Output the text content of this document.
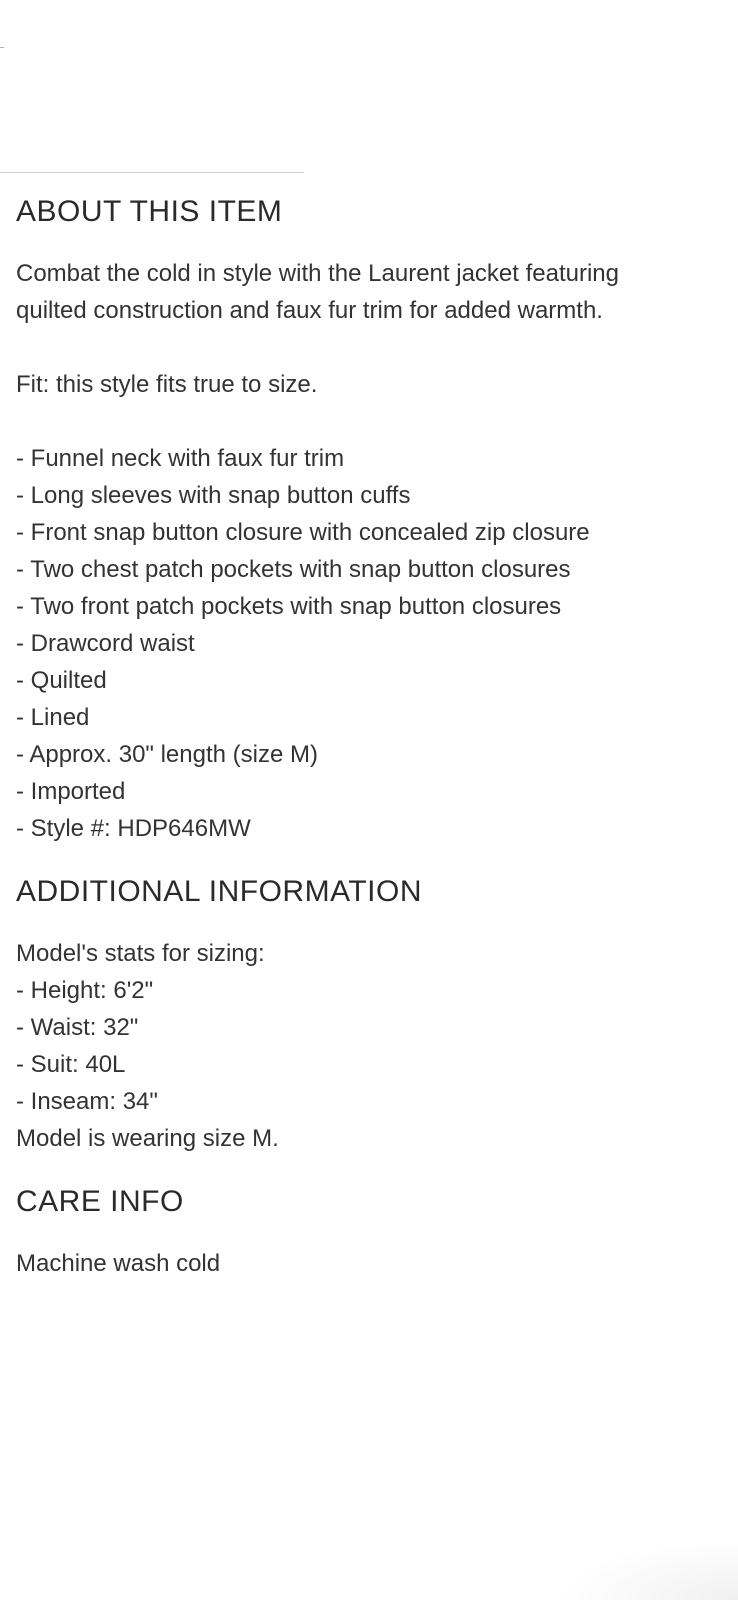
ABOUT THIS ITEM

Combat the cold in style with the Laurent jacket featuring
quilted construction and faux fur trim for added warmth.

Fit: this style fits true to size.

- Funnel neck with faux fur trim
- Long sleeves with snap button cuffs
- Front snap button closure with concealed zip closure
- Two chest patch pockets with snap button closures
- Two front patch pockets with snap button closures
- Drawcord waist
- Quilted
- Lined
- Approx. 30" length (size M)
- Imported
- Style #: HDP646MW
ADDITIONAL INFORMATION

Model's stats for sizing:

- Height: 6'2"
- Waist: 32"
- Suit: 40L
- Inseam: 34"

Model is wearing size M.

CARE INFO

Machine wash cold
